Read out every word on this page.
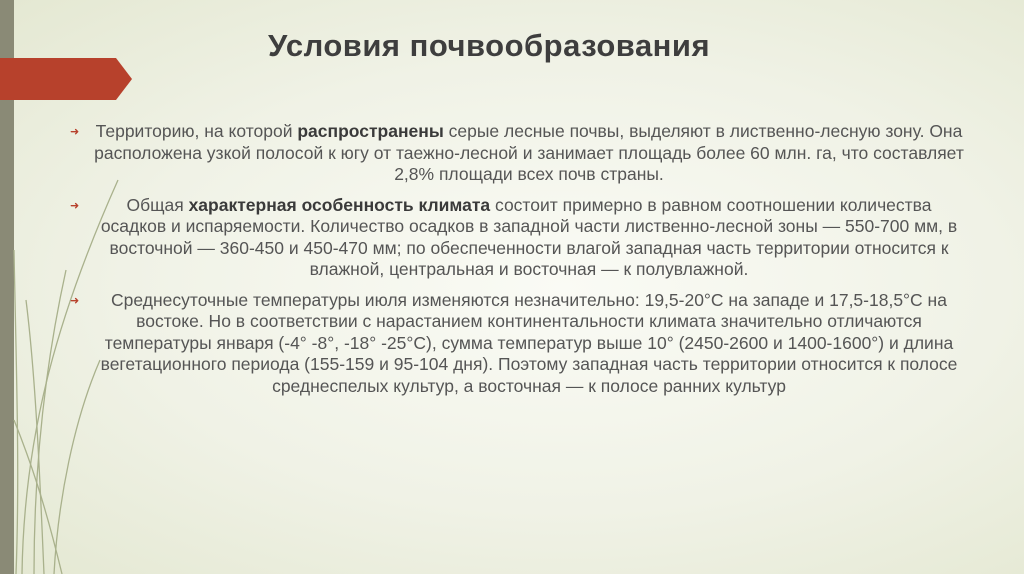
Условия почвообразования
➜ Территорию, на которой распространены серые лесные почвы, выделяют в лиственно-лесную зону. Она расположена узкой полосой к югу от таежно-лесной и занимает площадь более 60 млн. га, что составляет 2,8% площади всех почв страны.
➜	Общая характерная особенность климата состоит примерно в равном соотношении количества осадков и испаряемости. Количество осадков в западной части лиственно-лесной зоны — 550-700 мм, в восточной — 360-450 и 450-470 мм; по обеспеченности влагой западная часть территории относится к влажной, центральная и восточная — к полувлажной.
➜ Среднесуточные температуры июля изменяются незначительно: 19,5-20°С на западе и 17,5-18,5°С на востоке. Но в соответствии с нарастанием континентальности климата значительно отличаются температуры января (-4° -8°, -18° -25°С), сумма температур выше 10° (2450-2600 и 1400-1600°) и длина вегетационного периода (155-159 и 95-104 дня). Поэтому западная часть территории относится к полосе среднеспелых культур, а восточная — к полосе ранних культур
